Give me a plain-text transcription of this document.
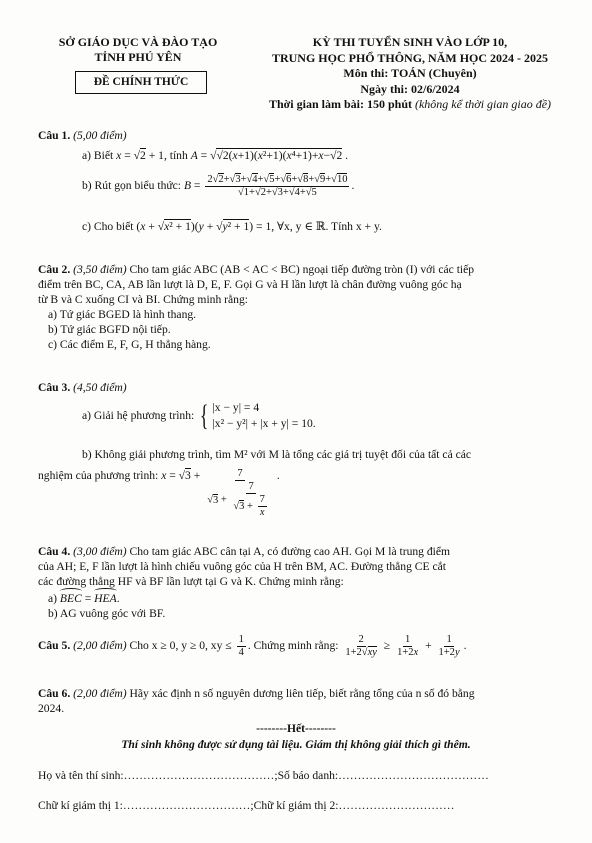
SỞ GIÁO DỤC VÀ ĐÀO TẠO
TỈNH PHÚ YÊN
ĐỀ CHÍNH THỨC
KỲ THI TUYỂN SINH VÀO LỚP 10,
TRUNG HỌC PHỔ THÔNG, NĂM HỌC 2024 - 2025
Môn thi: TOÁN (Chuyên)
Ngày thi: 02/6/2024
Thời gian làm bài: 150 phút (không kể thời gian giao đề)
Câu 1. (5,00 điểm)
a) Biết x = √2 + 1, tính A = √√2(x+1)(x²+1)(x⁴+1)+x−√2 .
b) Rút gọn biểu thức: $B = \frac{2√2+√3+√4+√5+√6+√8+√9+√10}{√1+√2+√3+√4+√5}$ .
c) Cho biết (x + √x² + 1)(y + √y² + 1) = 1, ∀x, y ∈ ℝ. Tính x + y.
Câu 2. (3,50 điểm) Cho tam giác ABC (AB < AC < BC) ngoại tiếp đường tròn (I) với các tiếp
điểm trên BC, CA, AB lần lượt là D, E, F. Gọi G và H lần lượt là chân đường vuông góc hạ
từ B và C xuống CI và BI. Chứng minh rằng:
a) Tứ giác BGED là hình thang.
b) Tứ giác BGFD nội tiếp.
c) Các điểm E, F, G, H thẳng hàng.
Câu 3. (4,50 điểm)
a) Giải hệ phương trình: { |x − y| = 4
|x² − y²| + |x + y| = 10.
b) Không giải phương trình, tìm M² với M là tổng các giá trị tuyệt đối của tất cả các
nghiệm của phương trình: $x = √3 + \frac{7}{√3 + \frac{7}{√3 + \frac{7}{x}}}$ .
Câu 4. (3,00 điểm) Cho tam giác ABC cân tại A, có đường cao AH. Gọi M là trung điểm
của AH; E, F lần lượt là hình chiếu vuông góc của H trên BM, AC. Đường thẳng CE cắt
các đường thẳng HF và BF lần lượt tại G và K. Chứng minh rằng:
a) BEC = HEA.
b) AG vuông góc với BF.
Câu 5. (2,00 điểm) Cho x ≥ 0, y ≥ 0, xy ≤ $\frac{1}{4}$ . Chứng minh rằng: $\frac{2}{1+2√xy} \ge \frac{1}{1+2x} + \frac{1}{1+2y}$ .
Câu 6. (2,00 điểm) Hãy xác định n số nguyên dương liên tiếp, biết rằng tổng của n số đó bằng
2024.
--------Hết--------
Thí sinh không được sử dụng tài liệu. Giám thị không giải thích gì thêm.
Họ và tên thí sinh:…………………………………;Số báo danh:…………………………………
Chữ kí giám thị 1:……………………………;Chữ kí giám thị 2:…………………………
